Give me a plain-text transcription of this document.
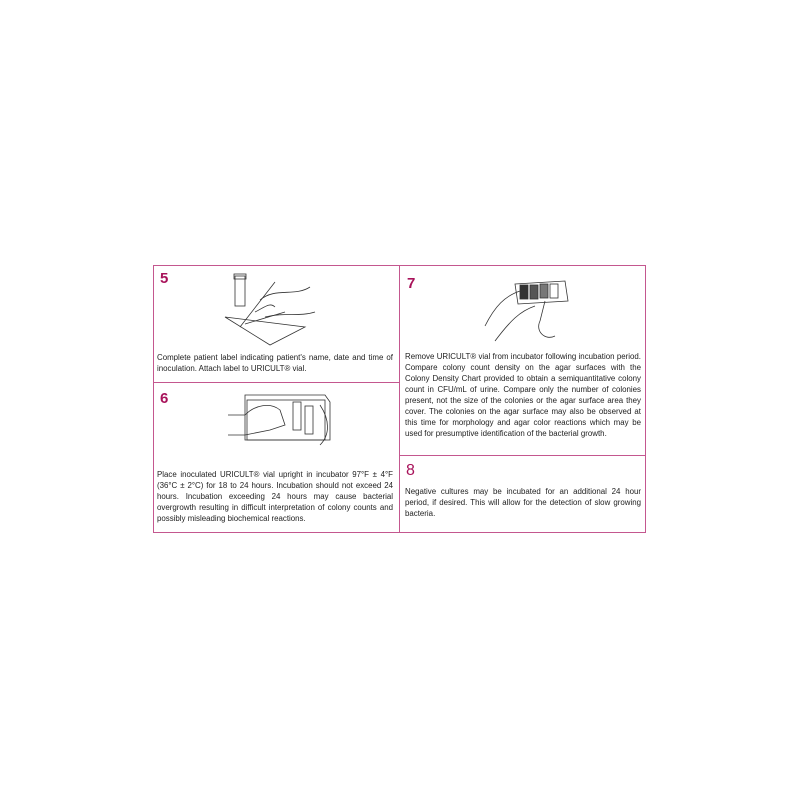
5
Complete patient label indicating patient's name, date and time of inoculation. Attach label to URICULT® vial.
6
Place inoculated URICULT® vial upright in incubator 97°F ± 4°F (36°C ± 2°C) for 18 to 24 hours. Incubation should not exceed 24 hours. Incubation exceeding 24 hours may cause bacterial overgrowth resulting in difficult interpretation of colony counts and possibly misleading biochemical reactions.
7
Remove URICULT® vial from incubator following incubation period. Compare colony count density on the agar surfaces with the Colony Density Chart provided to obtain a semiquantitative colony count in CFU/mL of urine. Compare only the number of colonies present, not the size of the colonies or the agar surface area they cover. The colonies on the agar surface may also be observed at this time for morphology and agar color reactions which may be used for presumptive identification of the bacterial growth.
8
Negative cultures may be incubated for an additional 24 hour period, if desired. This will allow for the detection of slow growing bacteria.
